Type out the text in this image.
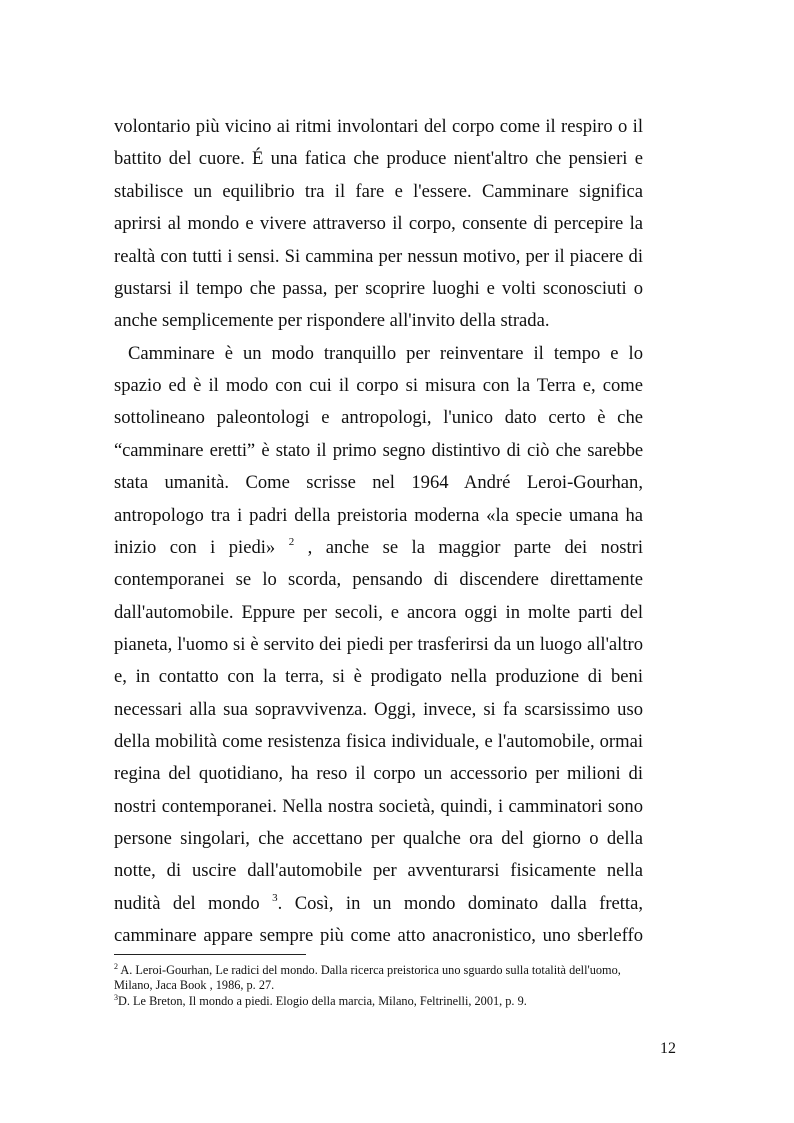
volontario più vicino ai ritmi involontari del corpo come il respiro o il
battito del cuore. É una fatica che produce nient'altro che pensieri e
stabilisce un equilibrio tra il fare e l'essere. Camminare significa
aprirsi al mondo e vivere attraverso il corpo, consente di percepire la
realtà con tutti i sensi. Si cammina per nessun motivo, per il piacere di
gustarsi il tempo che passa, per scoprire luoghi e volti sconosciuti o
anche semplicemente per rispondere all'invito della strada.
Camminare è un modo tranquillo per reinventare il tempo e lo
spazio ed è il modo con cui il corpo si misura con la Terra e, come
sottolineano paleontologi e antropologi, l'unico dato certo è che
“camminare eretti” è stato il primo segno distintivo di ciò che sarebbe
stata umanità. Come scrisse nel 1964 André Leroi-Gourhan,
antropologo tra i padri della preistoria moderna «la specie umana ha
inizio con i piedi» $^2$ , anche se la maggior parte dei nostri
contemporanei se lo scorda, pensando di discendere direttamente
dall'automobile. Eppure per secoli, e ancora oggi in molte parti del
pianeta, l'uomo si è servito dei piedi per trasferirsi da un luogo all'altro
e, in contatto con la terra, si è prodigato nella produzione di beni
necessari alla sua sopravvivenza. Oggi, invece, si fa scarsissimo uso
della mobilità come resistenza fisica individuale, e l'automobile, ormai
regina del quotidiano, ha reso il corpo un accessorio per milioni di
nostri contemporanei. Nella nostra società, quindi, i camminatori sono
persone singolari, che accettano per qualche ora del giorno o della
notte, di uscire dall'automobile per avventurarsi fisicamente nella
nudità del mondo $^3$. Così, in un mondo dominato dalla fretta,
camminare appare sempre più come atto anacronistico, uno sberleffo
$^2$ A. Leroi-Gourhan, Le radici del mondo. Dalla ricerca preistorica uno sguardo sulla totalità dell'uomo,
Milano, Jaca Book , 1986, p. 27.
$^3$D. Le Breton, Il mondo a piedi. Elogio della marcia, Milano, Feltrinelli, 2001, p. 9.
12
